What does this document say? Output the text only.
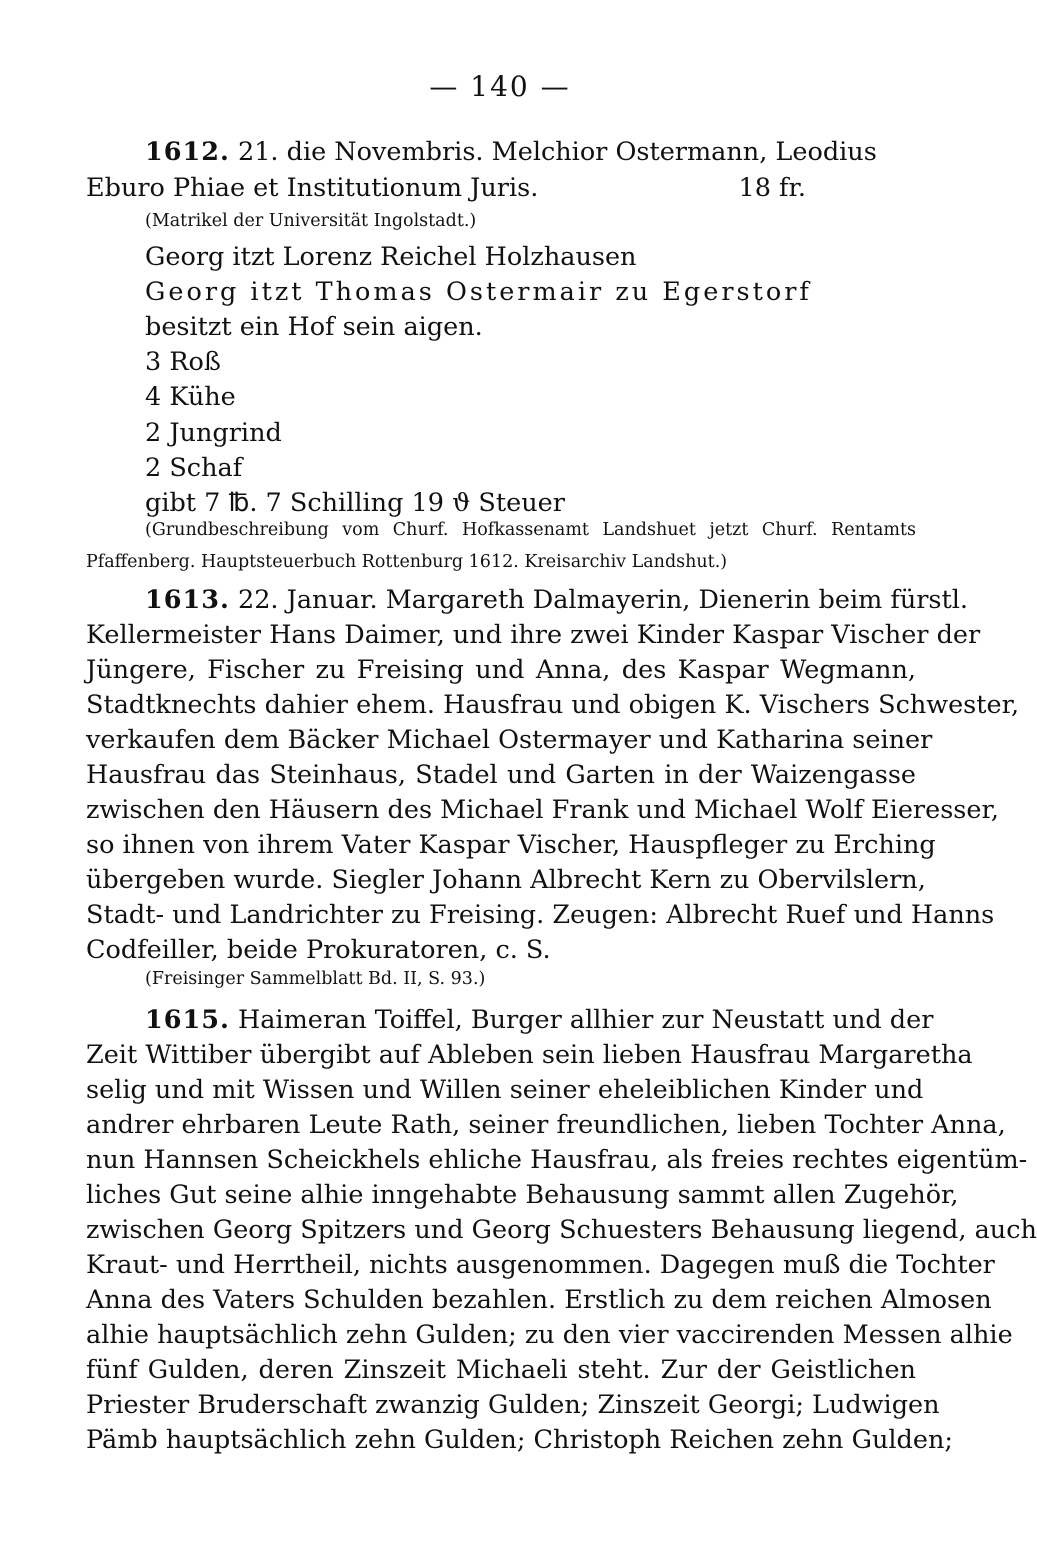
— 140 —
1612. 21. die Novembris. Melchior Ostermann, Leodius
Eburo Phiae et Institutionum Juris.	18 fr.
(Matrikel der Universität Ingolstadt.)
Georg itzt Lorenz Reichel Holzhausen
Georg itzt Thomas Ostermair zu Egerstorf
besitzt ein Hof sein aigen.
3 Roß
4 Kühe
2 Jungrind
2 Schaf
gibt 7 ℔. 7 Schilling 19 ϑ Steuer
(Grundbeschreibung vom Churf. Hofkassenamt Landshuet jetzt Churf. Rentamts
Pfaffenberg. Hauptsteuerbuch Rottenburg 1612. Kreisarchiv Landshut.)
1613. 22. Januar. Margareth Dalmayerin, Dienerin beim fürstl.
Kellermeister Hans Daimer, und ihre zwei Kinder Kaspar Vischer der
Jüngere, Fischer zu Freising und Anna, des Kaspar Wegmann,
Stadtknechts dahier ehem. Hausfrau und obigen K. Vischers Schwester,
verkaufen dem Bäcker Michael Ostermayer und Katharina seiner
Hausfrau das Steinhaus, Stadel und Garten in der Waizengasse
zwischen den Häusern des Michael Frank und Michael Wolf Eieresser,
so ihnen von ihrem Vater Kaspar Vischer, Hauspfleger zu Erching
übergeben wurde. Siegler Johann Albrecht Kern zu Obervilslern,
Stadt- und Landrichter zu Freising. Zeugen: Albrecht Ruef und Hanns
Codfeiller, beide Prokuratoren, c. S.
(Freisinger Sammelblatt Bd. II, S. 93.)
1615. Haimeran Toiffel, Burger allhier zur Neustatt und der
Zeit Wittiber übergibt auf Ableben sein lieben Hausfrau Margaretha
selig und mit Wissen und Willen seiner eheleiblichen Kinder und
andrer ehrbaren Leute Rath, seiner freundlichen, lieben Tochter Anna,
nun Hannsen Scheickhels ehliche Hausfrau, als freies rechtes eigentüm-
liches Gut seine alhie inngehabte Behausung sammt allen Zugehör,
zwischen Georg Spitzers und Georg Schuesters Behausung liegend, auch
Kraut- und Herrtheil, nichts ausgenommen. Dagegen muß die Tochter
Anna des Vaters Schulden bezahlen. Erstlich zu dem reichen Almosen
alhie hauptsächlich zehn Gulden; zu den vier vaccirenden Messen alhie
fünf Gulden, deren Zinszeit Michaeli steht. Zur der Geistlichen
Priester Bruderschaft zwanzig Gulden; Zinszeit Georgi; Ludwigen
Pämb hauptsächlich zehn Gulden; Christoph Reichen zehn Gulden;
